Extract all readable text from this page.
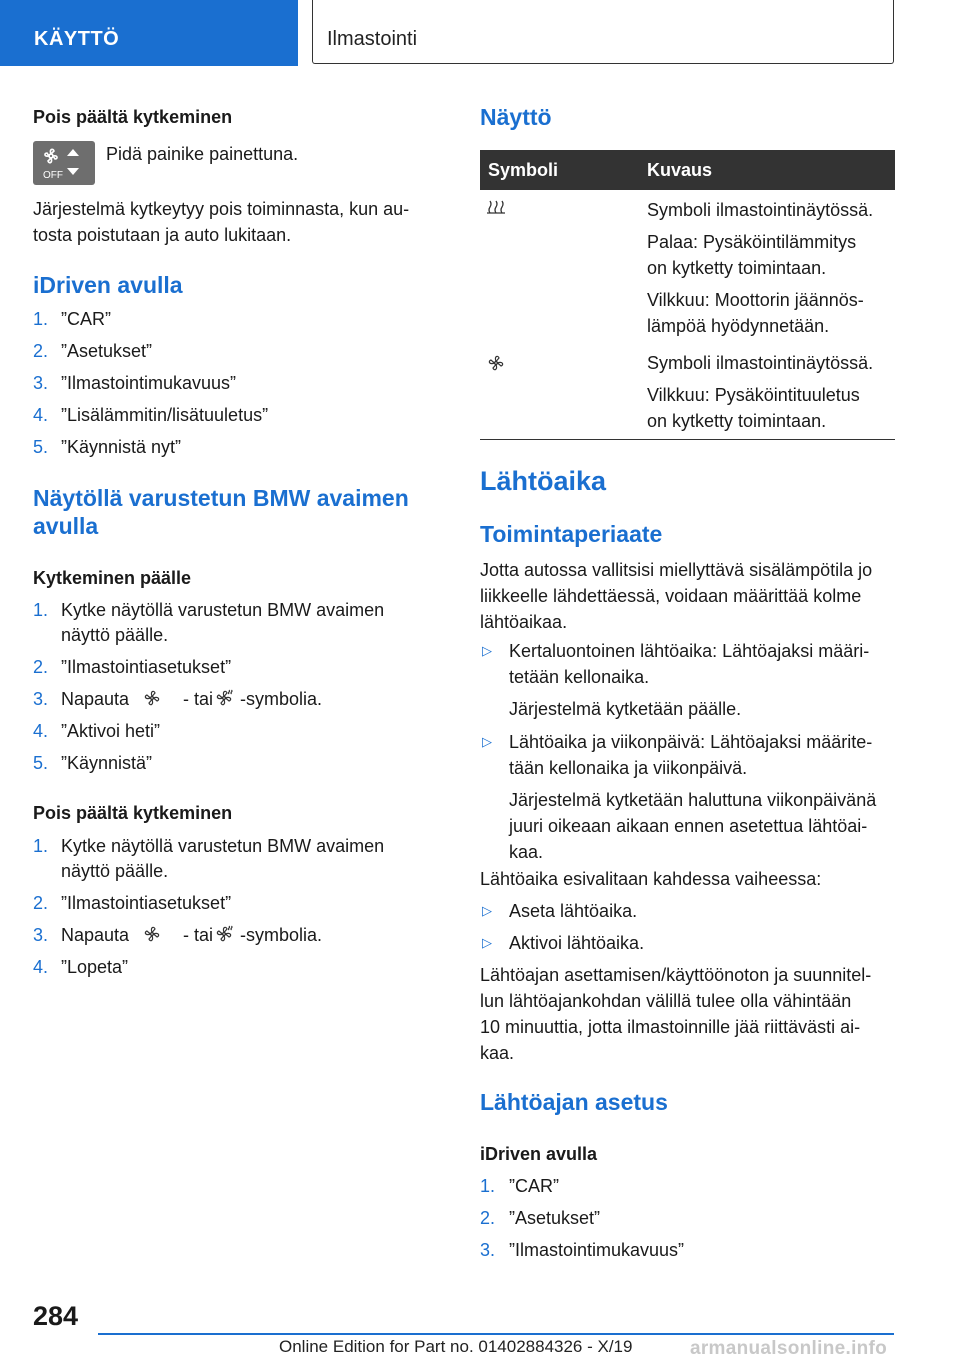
KÄYTTÖ	Ilmastointi
Pois päältä kytkeminen
OFF
Pidä painike painettuna.
Järjestelmä kytkeytyy pois toiminnasta, kun au-
tosta poistutaan ja auto lukitaan.
iDriven avulla
1. ”CAR”
2. ”Asetukset”
3. ”Ilmastointimukavuus”
4. ”Lisälämmitin/lisätuuletus”
5. ”Käynnistä nyt”
Näytöllä varustetun BMW avaimen
avulla
Kytkeminen päälle
1. Kytke näytöllä varustetun BMW avaimen
näyttö päälle.
2. ”Ilmastointiasetukset”
3. Napauta	- tai -symbolia.
4. ”Aktivoi heti”
5. ”Käynnistä”
Pois päältä kytkeminen
1. Kytke näytöllä varustetun BMW avaimen
näyttö päälle.
2. ”Ilmastointiasetukset”
3. Napauta	- tai -symbolia.
4. ”Lopeta”
Näyttö
Symboli	Kuvaus
Symboli ilmastointinäytössä.
Palaa: Pysäköintilämmitys
on kytketty toimintaan.
Vilkkuu: Moottorin jäännös-
lämpöä hyödynnetään.
Symboli ilmastointinäytössä.
Vilkkuu: Pysäköintituuletus
on kytketty toimintaan.
Lähtöaika
Toimintaperiaate
Jotta autossa vallitsisi miellyttävä sisälämpötila jo
liikkeelle lähdettäessä, voidaan määrittää kolme
lähtöaikaa.
▷ Kertaluontoinen lähtöaika: Lähtöajaksi määri-
tetään kellonaika.
Järjestelmä kytketään päälle.
▷ Lähtöaika ja viikonpäivä: Lähtöajaksi määrite-
tään kellonaika ja viikonpäivä.
Järjestelmä kytketään haluttuna viikonpäivänä
juuri oikeaan aikaan ennen asetettua lähtöai-
kaa.
Lähtöaika esivalitaan kahdessa vaiheessa:
▷ Aseta lähtöaika.
▷ Aktivoi lähtöaika.
Lähtöajan asettamisen/käyttöönoton ja suunnitel-
lun lähtöajankohdan välillä tulee olla vähintään
10 minuuttia, jotta ilmastoinnille jää riittävästi ai-
kaa.
Lähtöajan asetus
iDriven avulla
1. ”CAR”
2. ”Asetukset”
3. ”Ilmastointimukavuus”
284
Online Edition for Part no. 01402884326 - X/19	armanualsonline.info
